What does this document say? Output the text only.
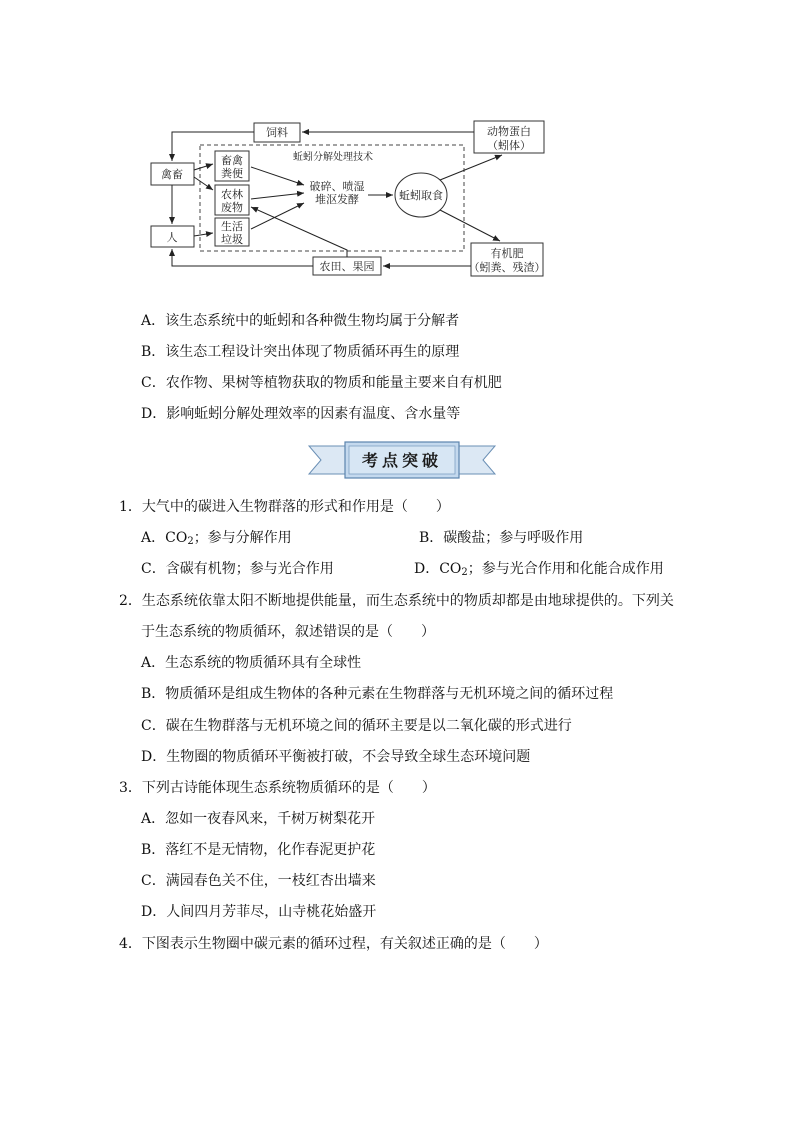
饲料	动物蛋白
（蚓体）
蚯蚓分解处理技术
禽畜
畜禽
粪便
农林
废物
生活
垃圾
人
破碎、喷湿
堆沤发酵	蚯蚓取食
有机肥
（蚓粪、残渣）
农田、果园
A．该生态系统中的蚯蚓和各种微生物均属于分解者
B．该生态工程设计突出体现了物质循环再生的原理
C．农作物、果树等植物获取的物质和能量主要来自有机肥
D．影响蚯蚓分解处理效率的因素有温度、含水量等
考点突破
1．大气中的碳进入生物群落的形式和作用是（　　）
A．$CO_2$；参与分解作用	B．碳酸盐；参与呼吸作用
C．含碳有机物；参与光合作用	D．$CO_2$；参与光合作用和化能合成作用
2．生态系统依靠太阳不断地提供能量，而生态系统中的物质却都是由地球提供的。下列关
于生态系统的物质循环，叙述错误的是（　　）
A．生态系统的物质循环具有全球性
B．物质循环是组成生物体的各种元素在生物群落与无机环境之间的循环过程
C．碳在生物群落与无机环境之间的循环主要是以二氧化碳的形式进行
D．生物圈的物质循环平衡被打破，不会导致全球生态环境问题
3．下列古诗能体现生态系统物质循环的是（　　）
A．忽如一夜春风来，千树万树梨花开
B．落红不是无情物，化作春泥更护花
C．满园春色关不住，一枝红杏出墙来
D．人间四月芳菲尽，山寺桃花始盛开
4．下图表示生物圈中碳元素的循环过程，有关叙述正确的是（　　）
